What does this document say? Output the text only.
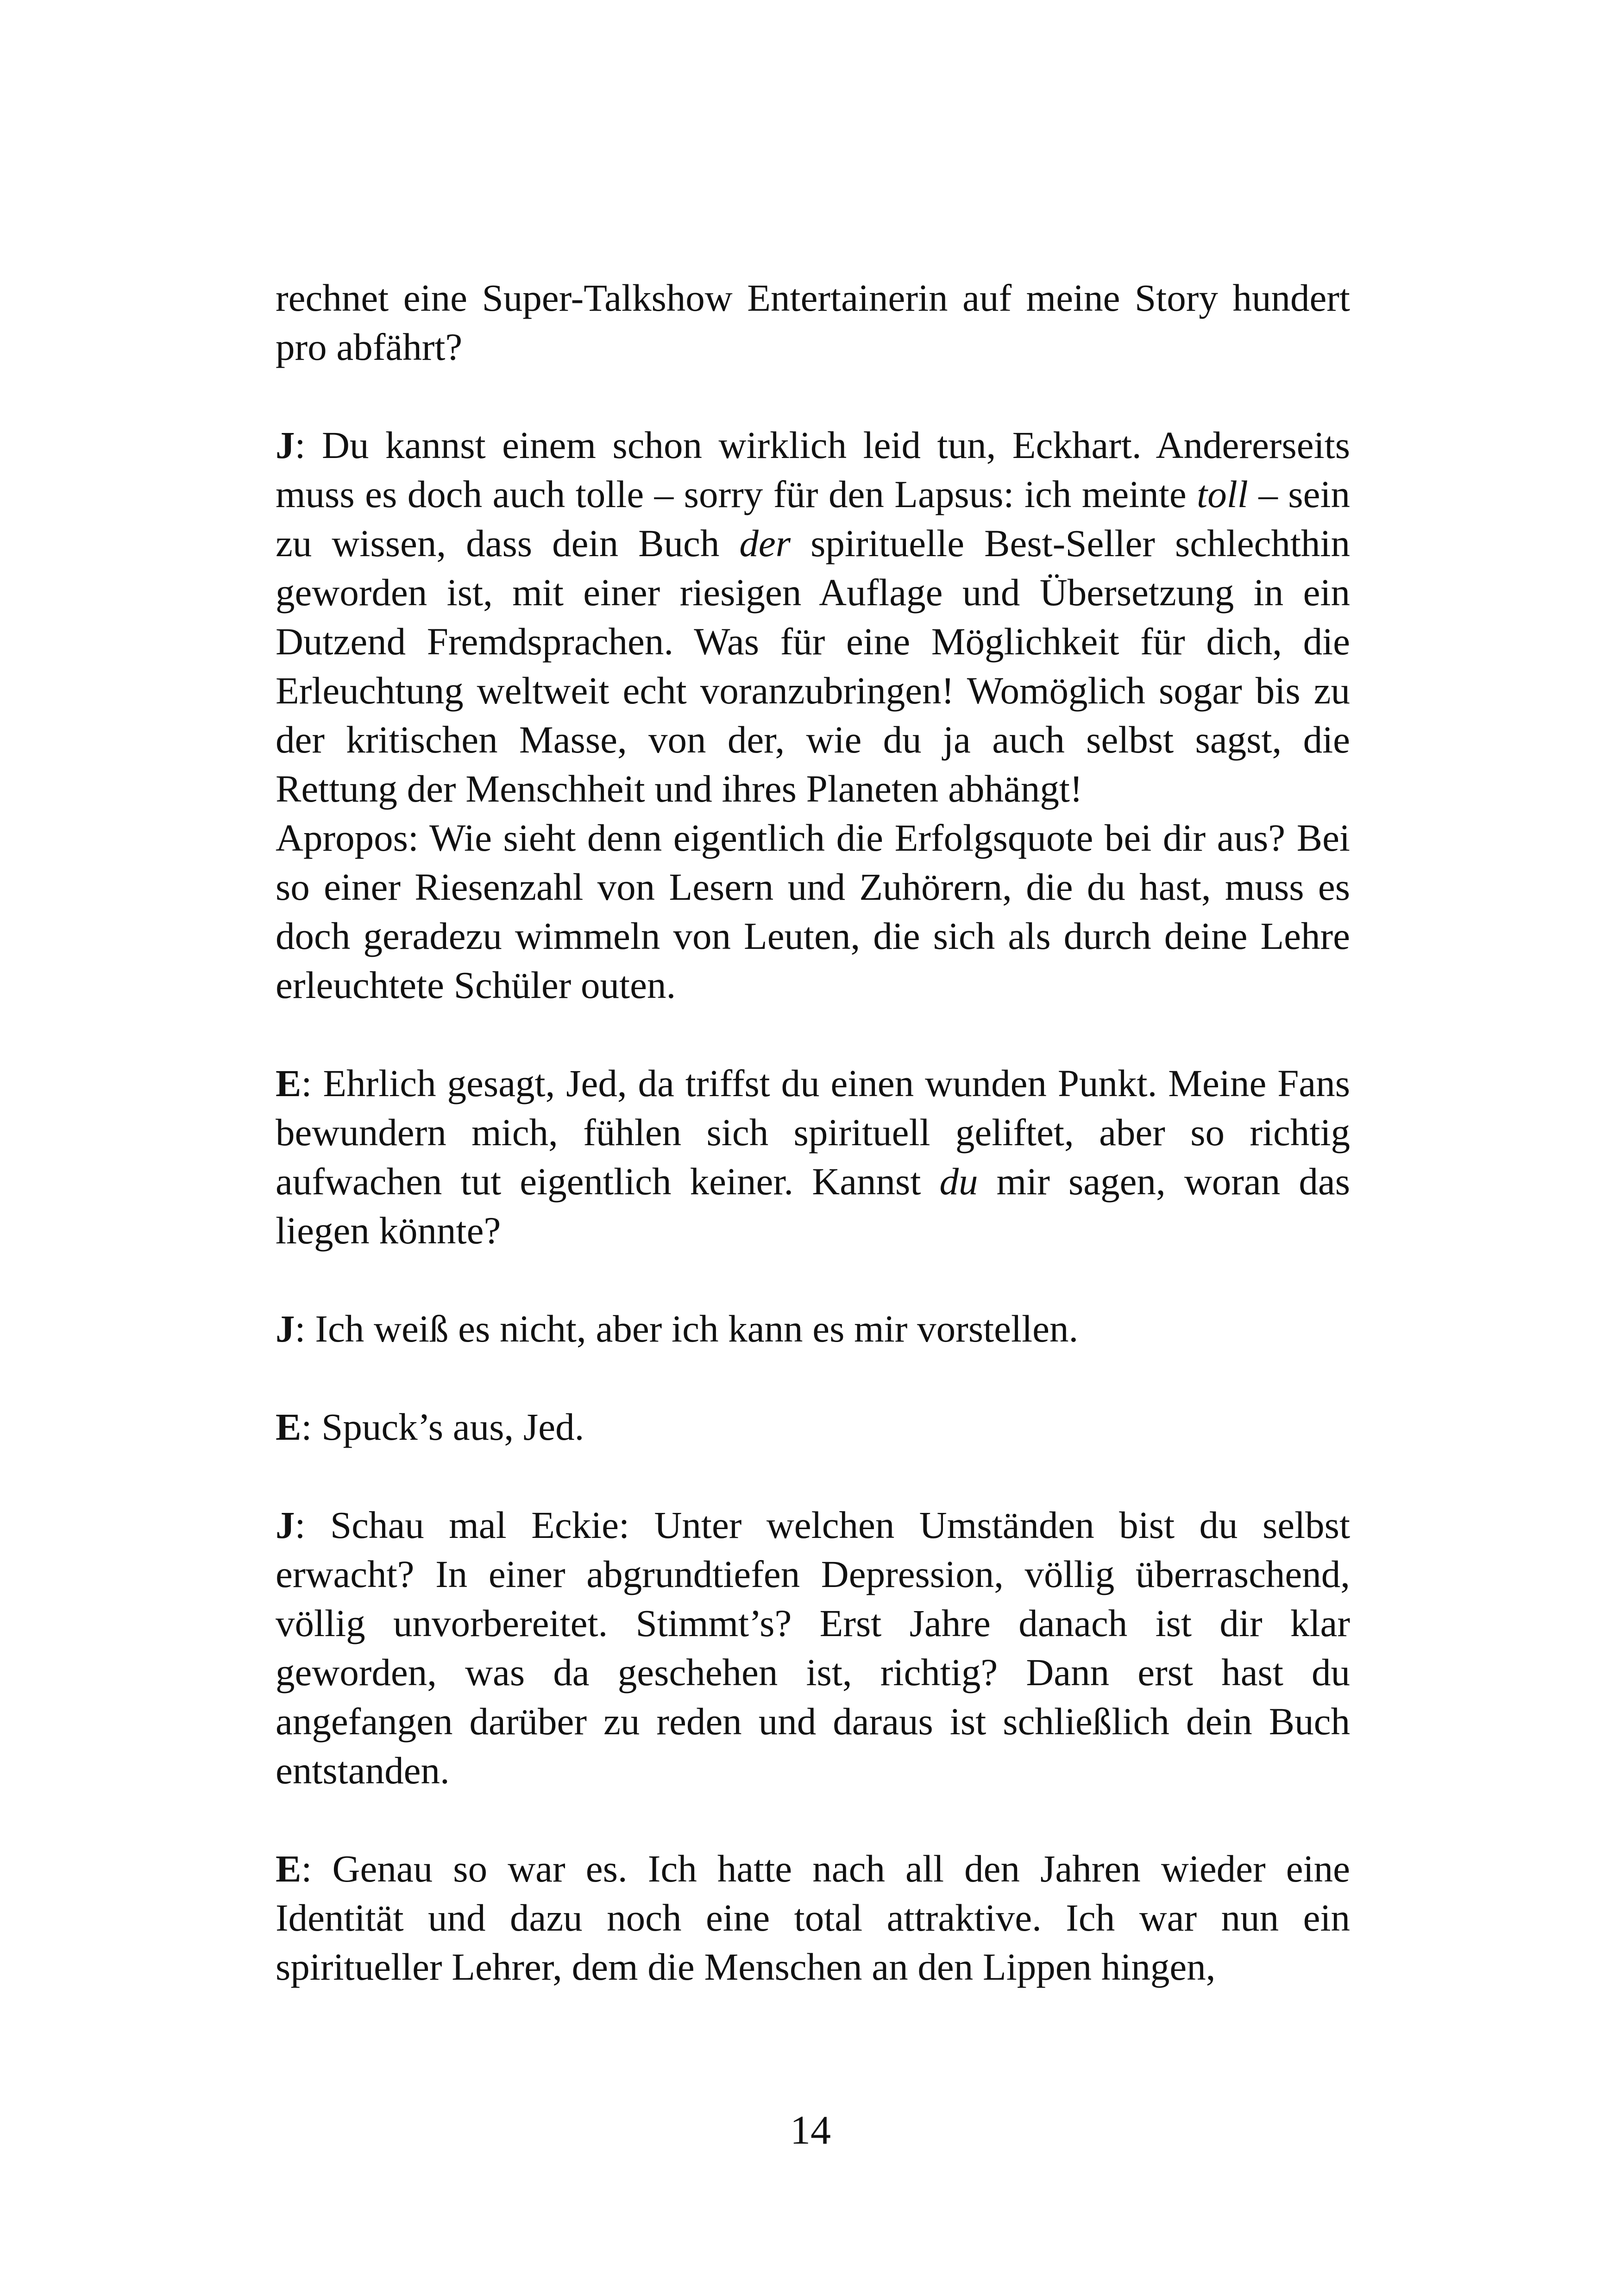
rechnet eine Super-Talkshow Entertainerin auf meine Story hundert pro abfährt?

J: Du kannst einem schon wirklich leid tun, Eckhart. Andererseits muss es doch auch tolle – sorry für den Lapsus: ich meinte toll – sein zu wissen, dass dein Buch der spirituelle Best-Seller schlechthin geworden ist, mit einer riesigen Auflage und Übersetzung in ein Dutzend Fremdsprachen. Was für eine Möglichkeit für dich, die Erleuchtung weltweit echt voranzubringen! Womöglich sogar bis zu der kritischen Masse, von der, wie du ja auch selbst sagst, die Rettung der Menschheit und ihres Planeten abhängt!

Apropos: Wie sieht denn eigentlich die Erfolgsquote bei dir aus? Bei so einer Riesenzahl von Lesern und Zuhörern, die du hast, muss es doch geradezu wimmeln von Leuten, die sich als durch deine Lehre erleuchtete Schüler outen.

E: Ehrlich gesagt, Jed, da triffst du einen wunden Punkt. Meine Fans bewundern mich, fühlen sich spirituell geliftet, aber so richtig aufwachen tut eigentlich keiner. Kannst du mir sagen, woran das liegen könnte?

J: Ich weiß es nicht, aber ich kann es mir vorstellen.

E: Spuck’s aus, Jed.

J: Schau mal Eckie: Unter welchen Umständen bist du selbst erwacht? In einer abgrundtiefen Depression, völlig überraschend, völlig unvorbereitet. Stimmt’s? Erst Jahre danach ist dir klar geworden, was da geschehen ist, richtig? Dann erst hast du angefangen darüber zu reden und daraus ist schließlich dein Buch entstanden.

E: Genau so war es. Ich hatte nach all den Jahren wieder eine Identität und dazu noch eine total attraktive. Ich war nun ein spiritueller Lehrer, dem die Menschen an den Lippen hingen,

14
